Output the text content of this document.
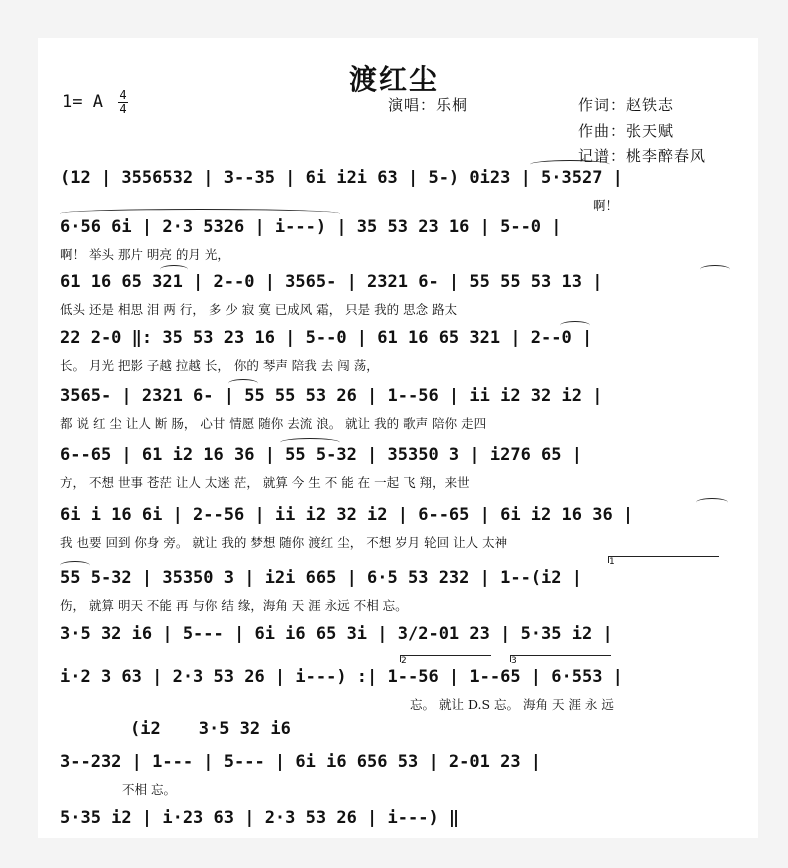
渡红尘
1= A 4
4	演唱：乐桐	作词：赵铁志
作曲：张天赋
记谱：桃李醉春风
(12 | 3556532 | 3--35 | 6i i2i 63 | 5-) 0i23 | 5·3527 |
啊！
6·56 6i | 2·3 5326 | i---) | 35 53 23 16 | 5--0 |
啊！ 举头 那片 明亮 的月 光，
61 16 65 321 | 2--0 | 3565- | 2321 6- | 55 55 53 13 |
低头 还是 相思 泪 两 行， 多 少 寂 寞 已成风 霜， 只是 我的 思念 路太
22 2-0 ‖: 35 53 23 16 | 5--0 | 61 16 65 321 | 2--0 |
长。 月光 把影 子越 拉越 长， 你的 琴声 陪我 去 闯 荡，
3565- | 2321 6- | 55 55 53 26 | 1--56 | ii i2 32 i2 |
都 说 红 尘 让人 断 肠， 心甘 情愿 随你 去流 浪。 就让 我的 歌声 陪你 走四
6--65 | 61 i2 16 36 | 55 5-32 | 35350 3 | i276 65 |
方， 不想 世事 苍茫 让人 太迷 茫， 就算 今 生 不 能 在 一起 飞 翔，来世
6i i 16 6i | 2--56 | ii i2 32 i2 | 6--65 | 6i i2 16 36 |
我 也要 回到 你身 旁。 就让 我的 梦想 随你 渡红 尘， 不想 岁月 轮回 让人 太神
55 5-32 | 35350 3 | i2i 665 | 6·5 53 232 | 1--(i2 |
伤， 就算 明天 不能 再 与你 结 缘，海角 天 涯 永远 不相 忘。
1
3·5 32 i6 | 5--- | 6i i6 65 3i | 3/2-01 23 | 5·35 i2 |
i·2 3 63 | 2·3 53 26 | i---) :| 1--56 | 1--65 | 6·553 |
忘。 就让 D.S 忘。 海角 天 涯 永 远
2	3
(i2 3·5 32 i6
3--232 | 1--- | 5--- | 6i i6 656 53 | 2-01 23 |
不相 忘。
5·35 i2 | i·23 63 | 2·3 53 26 | i---) ‖
